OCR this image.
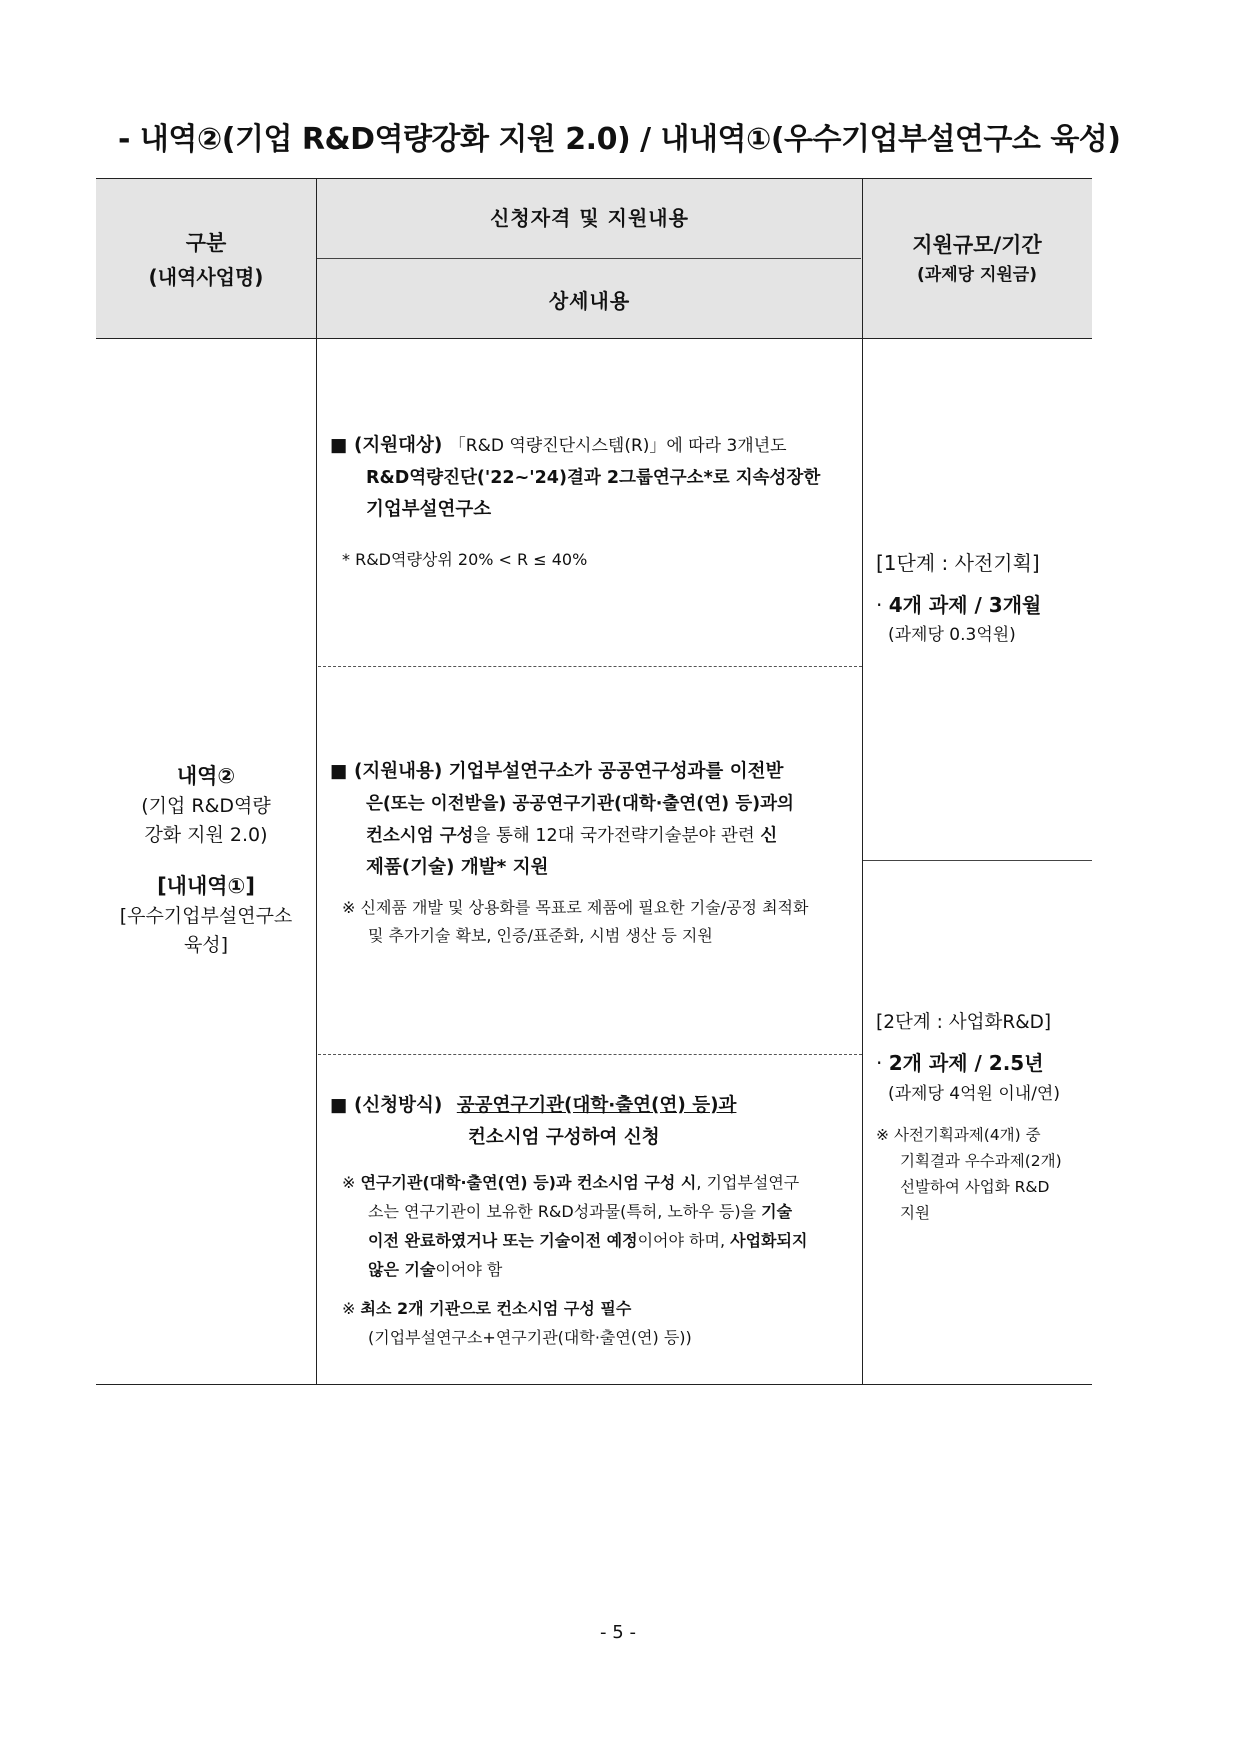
- 내역②(기업 R&D역량강화 지원 2.0) / 내내역①(우수기업부설연구소 육성)
구분
(내역사업명)
신청자격 및 지원내용
상세내용
지원규모/기간
(과제당 지원금)
내역②
(기업 R&D역량
강화 지원 2.0)
[내내역①]
[우수기업부설연구소
육성]
■ (지원대상) 「R&D 역량진단시스템(R)」에 따라 3개년도
R&D역량진단('22~'24)결과 2그룹연구소*로 지속성장한
기업부설연구소
* R&D역량상위 20% < R ≤ 40%
■ (지원내용) 기업부설연구소가 공공연구성과를 이전받
은(또는 이전받을) 공공연구기관(대학·출연(연) 등)과의
컨소시엄 구성을 통해 12대 국가전략기술분야 관련 신
제품(기술) 개발* 지원
※ 신제품 개발 및 상용화를 목표로 제품에 필요한 기술/공정 최적화
및 추가기술 확보, 인증/표준화, 시범 생산 등 지원
■ (신청방식) 공공연구기관(대학·출연(연) 등)과
컨소시엄 구성하여 신청
※ 연구기관(대학·출연(연) 등)과 컨소시엄 구성 시, 기업부설연구
소는 연구기관이 보유한 R&D성과물(특허, 노하우 등)을 기술
이전 완료하였거나 또는 기술이전 예정이어야 하며, 사업화되지
않은 기술이어야 함
※ 최소 2개 기관으로 컨소시엄 구성 필수
(기업부설연구소+연구기관(대학·출연(연) 등))
[1단계 : 사전기획]
· 4개 과제 / 3개월
(과제당 0.3억원)
[2단계 : 사업화R&D]
· 2개 과제 / 2.5년
(과제당 4억원 이내/연)
※ 사전기획과제(4개) 중
기획결과 우수과제(2개)
선발하여 사업화 R&D
지원
- 5 -
